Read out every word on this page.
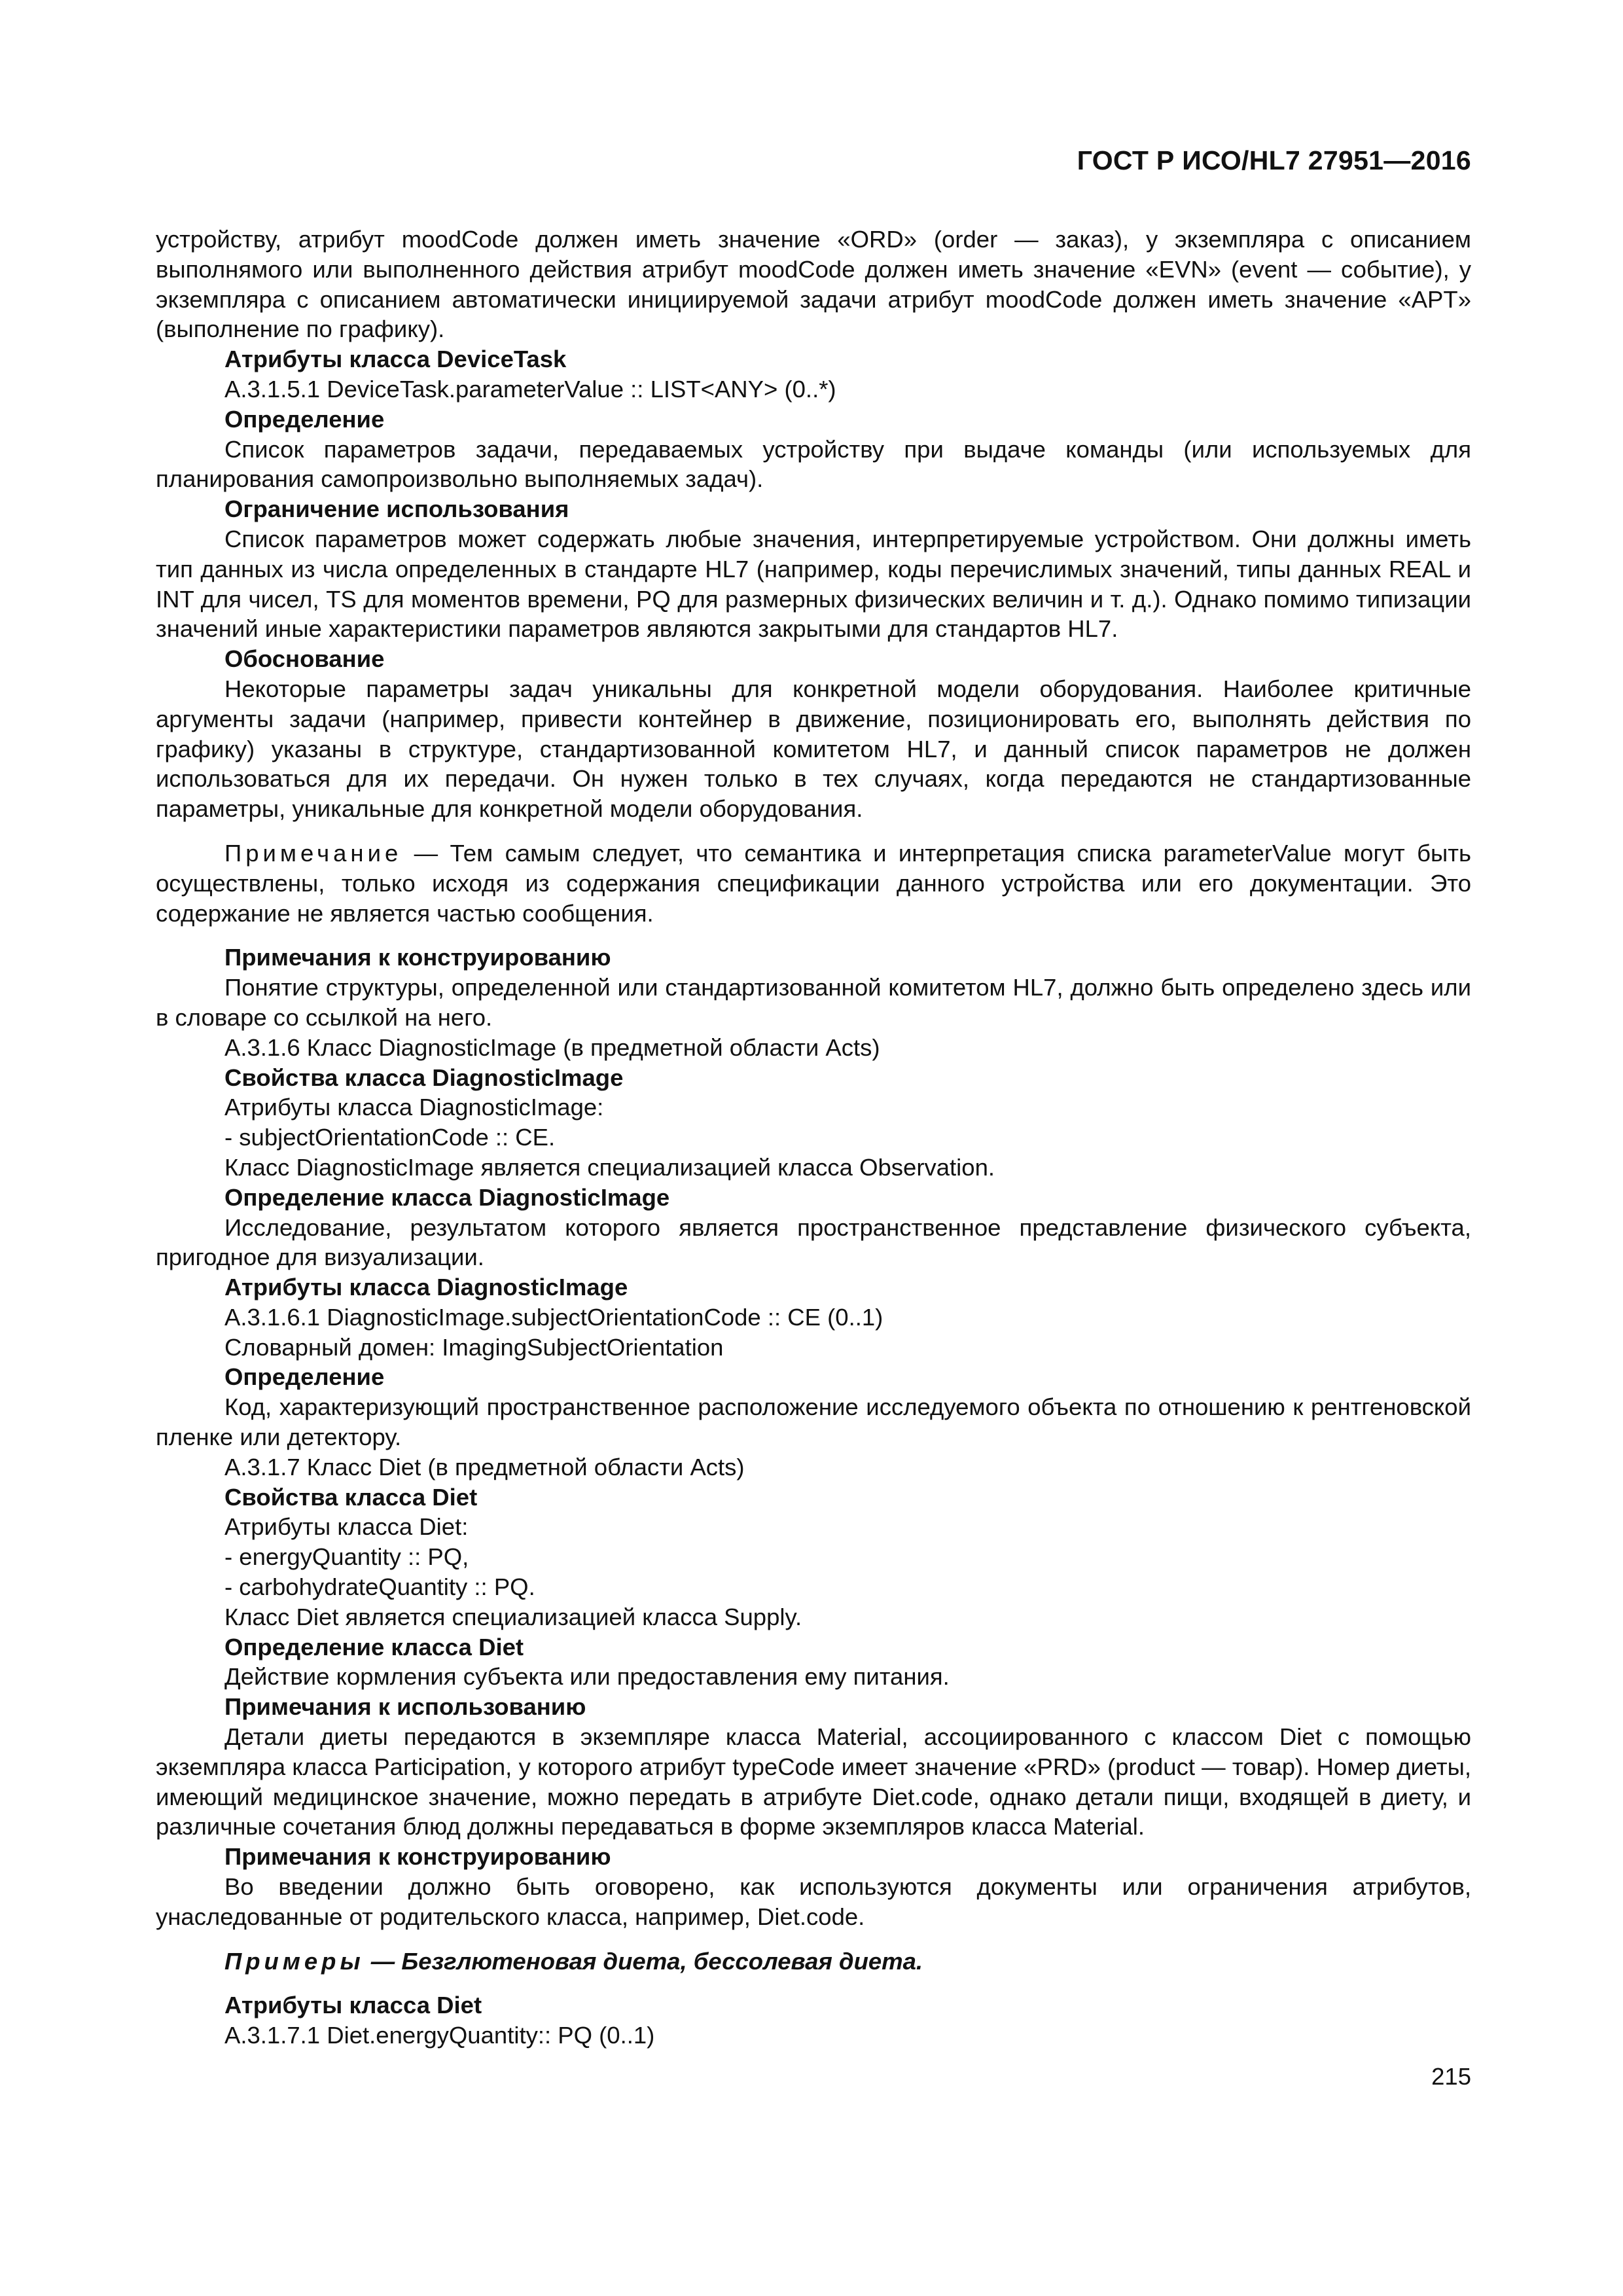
ГОСТ Р ИСО/HL7 27951—2016

устройству, атрибут moodCode должен иметь значение «ORD» (order — заказ), у экземпляра с описанием выполнямого или выполненного действия атрибут moodCode должен иметь значение «EVN» (event — событие), у экземпляра с описанием автоматически инициируемой задачи атрибут moodCode должен иметь значение «APT» (выполнение по графику).

Атрибуты класса DeviceTask

A.3.1.5.1 DeviceTask.parameterValue :: LIST<ANY> (0..*)

Определение

Список параметров задачи, передаваемых устройству при выдаче команды (или используемых для планирования самопроизвольно выполняемых задач).

Ограничение использования

Список параметров может содержать любые значения, интерпретируемые устройством. Они должны иметь тип данных из числа определенных в стандарте HL7 (например, коды перечислимых значений, типы данных REAL и INT для чисел, TS для моментов времени, PQ для размерных физических величин и т. д.). Однако помимо типизации значений иные характеристики параметров являются закрытыми для стандартов HL7.

Обоснование

Некоторые параметры задач уникальны для конкретной модели оборудования. Наиболее критичные аргументы задачи (например, привести контейнер в движение, позиционировать его, выполнять действия по графику) указаны в структуре, стандартизованной комитетом HL7, и данный список параметров не должен использоваться для их передачи. Он нужен только в тех случаях, когда передаются не стандартизованные параметры, уникальные для конкретной модели оборудования.

Примечание — Тем самым следует, что семантика и интерпретация списка parameterValue могут быть осуществлены, только исходя из содержания спецификации данного устройства или его документации. Это содержание не является частью сообщения.

Примечания к конструированию

Понятие структуры, определенной или стандартизованной комитетом HL7, должно быть определено здесь или в словаре со ссылкой на него.

A.3.1.6 Класс DiagnosticImage (в предметной области Acts)

Свойства класса DiagnosticImage

Атрибуты класса DiagnosticImage:

- subjectOrientationCode :: CE.

Класс DiagnosticImage является специализацией класса Observation.

Определение класса DiagnosticImage

Исследование, результатом которого является пространственное представление физического субъекта, пригодное для визуализации.

Атрибуты класса DiagnosticImage

A.3.1.6.1 DiagnosticImage.subjectOrientationCode :: CE (0..1)

Словарный домен: ImagingSubjectOrientation

Определение

Код, характеризующий пространственное расположение исследуемого объекта по отношению к рентгеновской пленке или детектору.

A.3.1.7 Класс Diet (в предметной области Acts)

Свойства класса Diet

Атрибуты класса Diet:

- energyQuantity :: PQ,

- carbohydrateQuantity :: PQ.

Класс Diet является специализацией класса Supply.

Определение класса Diet

Действие кормления субъекта или предоставления ему питания.

Примечания к использованию

Детали диеты передаются в экземпляре класса Material, ассоциированного с классом Diet с помощью экземпляра класса Participation, у которого атрибут typeCode имеет значение «PRD» (product — товар). Номер диеты, имеющий медицинское значение, можно передать в атрибуте Diet.code, однако детали пищи, входящей в диету, и различные сочетания блюд должны передаваться в форме экземпляров класса Material.

Примечания к конструированию

Во введении должно быть оговорено, как используются документы или ограничения атрибутов, унаследованные от родительского класса, например, Diet.code.

Примеры — Безглютеновая диета, бессолевая диета.

Атрибуты класса Diet

A.3.1.7.1 Diet.energyQuantity:: PQ (0..1)

215
